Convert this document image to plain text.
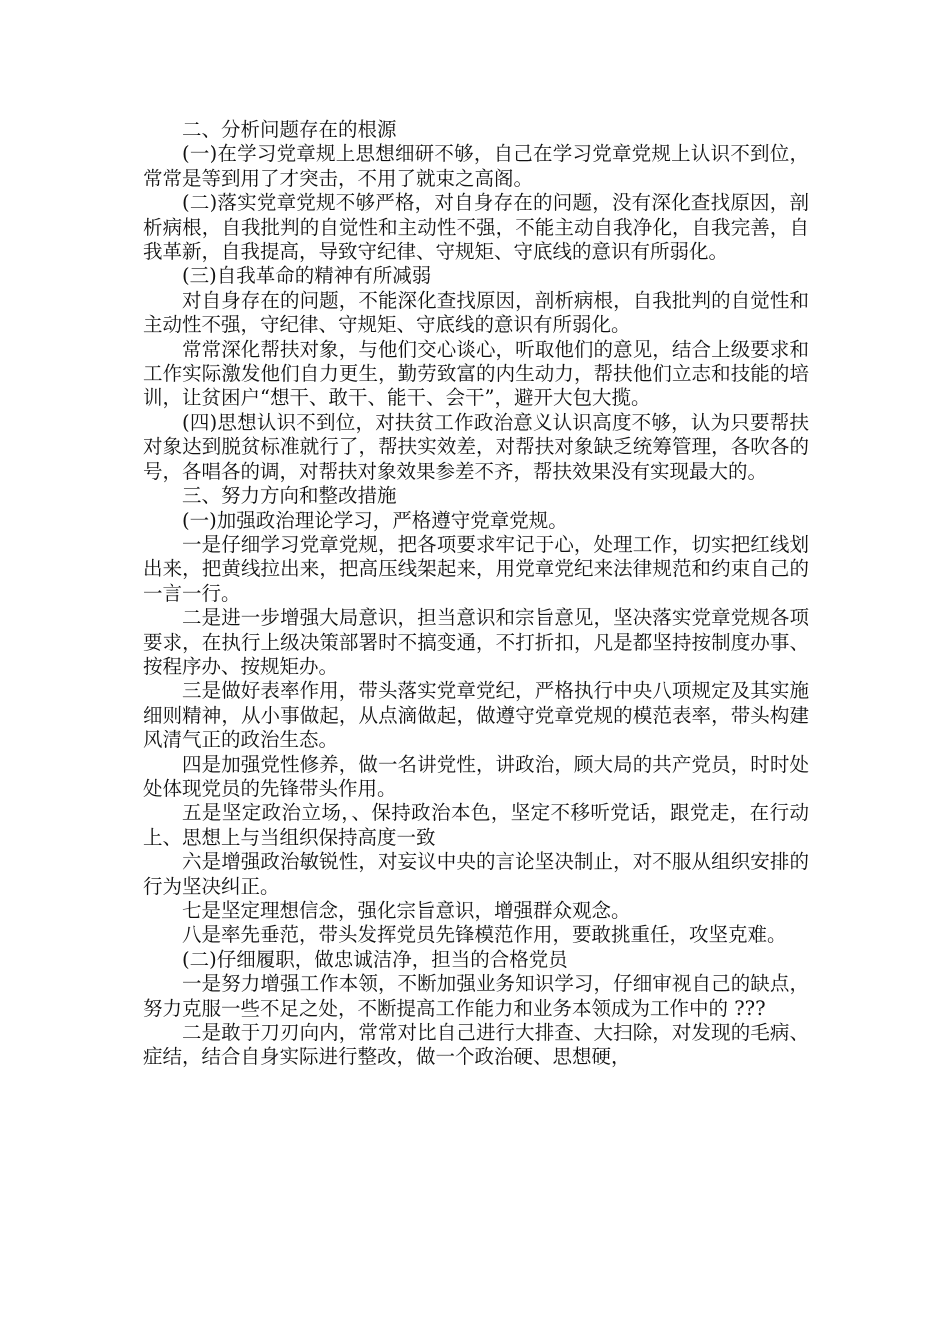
二、分析问题存在的根源

(一)在学习党章规上思想细研不够，自己在学习党章党规上认识不到位，常常是等到用了才突击，不用了就束之高阁。

(二)落实党章党规不够严格，对自身存在的问题，没有深化查找原因，剖析病根，自我批判的自觉性和主动性不强，不能主动自我净化，自我完善，自我革新，自我提高，导致守纪律、守规矩、守底线的意识有所弱化。

(三)自我革命的精神有所减弱

对自身存在的问题，不能深化查找原因，剖析病根，自我批判的自觉性和主动性不强，守纪律、守规矩、守底线的意识有所弱化。

常常深化帮扶对象，与他们交心谈心，听取他们的意见，结合上级要求和工作实际激发他们自力更生，勤劳致富的内生动力，帮扶他们立志和技能的培训，让贫困户“想干、敢干、能干、会干”，避开大包大揽。

(四)思想认识不到位，对扶贫工作政治意义认识高度不够，认为只要帮扶对象达到脱贫标准就行了，帮扶实效差，对帮扶对象缺乏统筹管理，各吹各的号，各唱各的调，对帮扶对象效果参差不齐，帮扶效果没有实现最大的。

三、努力方向和整改措施

(一)加强政治理论学习，严格遵守党章党规。

一是仔细学习党章党规，把各项要求牢记于心，处理工作，切实把红线划出来，把黄线拉出来，把高压线架起来，用党章党纪来法律规范和约束自己的一言一行。

二是进一步增强大局意识，担当意识和宗旨意见，坚决落实党章党规各项要求，在执行上级决策部署时不搞变通，不打折扣，凡是都坚持按制度办事、按程序办、按规矩办。

三是做好表率作用，带头落实党章党纪，严格执行中央八项规定及其实施细则精神，从小事做起，从点滴做起，做遵守党章党规的模范表率，带头构建风清气正的政治生态。

四是加强党性修养，做一名讲党性，讲政治，顾大局的共产党员，时时处处体现党员的先锋带头作用。

五是坚定政治立场，、保持政治本色，坚定不移听党话，跟党走，在行动上、思想上与当组织保持高度一致

六是增强政治敏锐性，对妄议中央的言论坚决制止，对不服从组织安排的行为坚决纠正。

七是坚定理想信念，强化宗旨意识，增强群众观念。

八是率先垂范，带头发挥党员先锋模范作用，要敢挑重任，攻坚克难。

(二)仔细履职，做忠诚洁净，担当的合格党员

一是努力增强工作本领，不断加强业务知识学习，仔细审视自己的缺点，努力克服一些不足之处，不断提高工作能力和业务本领成为工作中的 ???

二是敢于刀刃向内，常常对比自己进行大排查、大扫除，对发现的毛病、症结，结合自身实际进行整改，做一个政治硬、思想硬，
